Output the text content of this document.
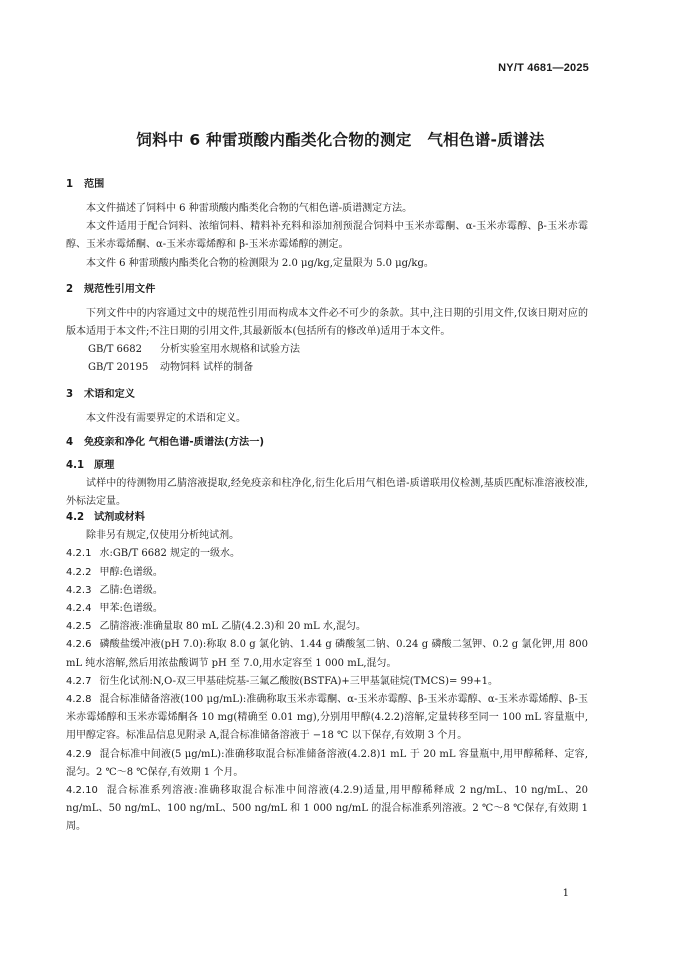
NY/T 4681—2025
饲料中 6 种雷琐酸内酯类化合物的测定　气相色谱-质谱法
1 范围

本文件描述了饲料中 6 种雷琐酸内酯类化合物的气相色谱-质谱测定方法。

本文件适用于配合饲料、浓缩饲料、精料补充料和添加剂预混合饲料中玉米赤霉酮、α-玉米赤霉醇、β-玉米赤霉醇、玉米赤霉烯酮、α-玉米赤霉烯醇和 β-玉米赤霉烯醇的测定。

本文件 6 种雷琐酸内酯类化合物的检测限为 2.0 μg/kg,定量限为 5.0 μg/kg。

2 规范性引用文件

下列文件中的内容通过文中的规范性引用而构成本文件必不可少的条款。其中,注日期的引用文件,仅该日期对应的版本适用于本文件;不注日期的引用文件,其最新版本(包括所有的修改单)适用于本文件。

GB/T 6682 分析实验室用水规格和试验方法

GB/T 20195 动物饲料 试样的制备

3 术语和定义

本文件没有需要界定的术语和定义。

4 免疫亲和净化 气相色谱-质谱法(方法一)
4.1 原理

试样中的待测物用乙腈溶液提取,经免疫亲和柱净化,衍生化后用气相色谱-质谱联用仪检测,基质匹配标准溶液校准,外标法定量。

4.2 试剂或材料

除非另有规定,仅使用分析纯试剂。

4.2.1 水:GB/T 6682 规定的一级水。

4.2.2 甲醇:色谱级。

4.2.3 乙腈:色谱级。

4.2.4 甲苯:色谱级。

4.2.5 乙腈溶液:准确量取 80 mL 乙腈(4.2.3)和 20 mL 水,混匀。

4.2.6 磷酸盐缓冲液(pH 7.0):称取 8.0 g 氯化钠、1.44 g 磷酸氢二钠、0.24 g 磷酸二氢钾、0.2 g 氯化钾,用 800 mL 纯水溶解,然后用浓盐酸调节 pH 至 7.0,用水定容至 1 000 mL,混匀。

4.2.7 衍生化试剂:N,O-双三甲基硅烷基-三氟乙酸胺(BSTFA)+三甲基氯硅烷(TMCS)= 99+1。

4.2.8 混合标准储备溶液(100 μg/mL):准确称取玉米赤霉酮、α-玉米赤霉醇、β-玉米赤霉醇、α-玉米赤霉烯醇、β-玉米赤霉烯醇和玉米赤霉烯酮各 10 mg(精确至 0.01 mg),分别用甲醇(4.2.2)溶解,定量转移至同一 100 mL 容量瓶中,用甲醇定容。标准品信息见附录 A,混合标准储备溶液于 −18 ℃ 以下保存,有效期 3 个月。

4.2.9 混合标准中间液(5 μg/mL):准确移取混合标准储备溶液(4.2.8)1 mL 于 20 mL 容量瓶中,用甲醇稀释、定容,混匀。2 ℃～8 ℃保存,有效期 1 个月。

4.2.10 混合标准系列溶液:准确移取混合标准中间溶液(4.2.9)适量,用甲醇稀释成 2 ng/mL、10 ng/mL、20 ng/mL、50 ng/mL、100 ng/mL、500 ng/mL 和 1 000 ng/mL 的混合标准系列溶液。2 ℃～8 ℃保存,有效期 1 周。

1
